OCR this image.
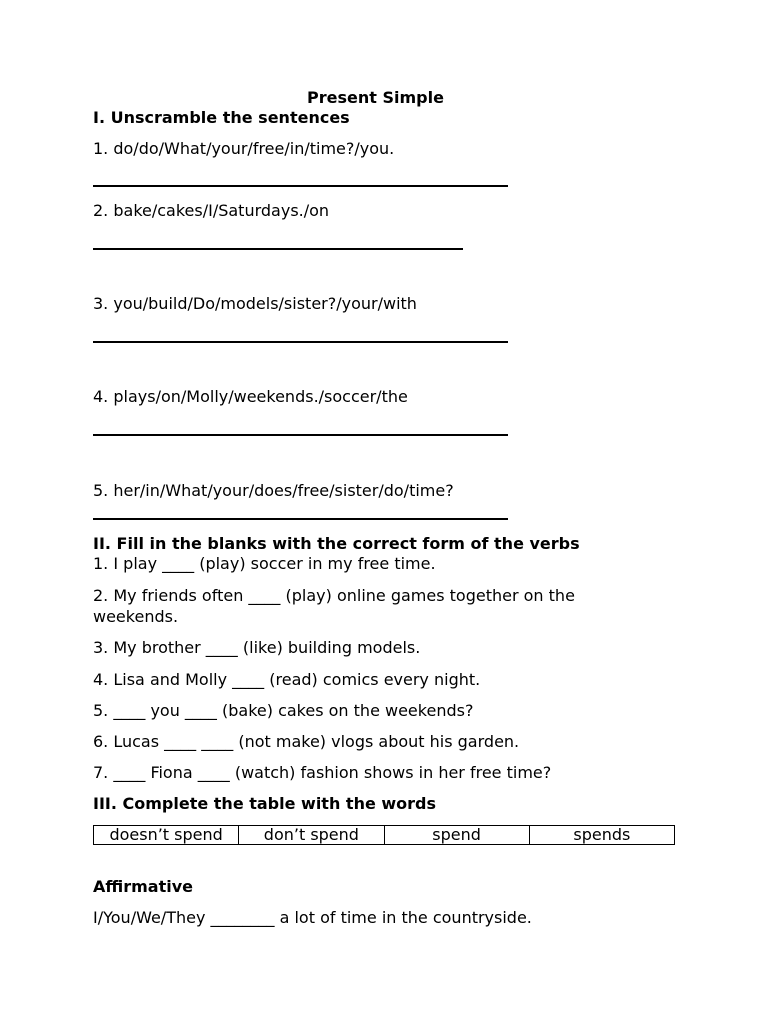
Present Simple
I. Unscramble the sentences
1. do/do/What/your/free/in/time?/you.
2. bake/cakes/I/Saturdays./on
3. you/build/Do/models/sister?/your/with
4. plays/on/Molly/weekends./soccer/the
5. her/in/What/your/does/free/sister/do/time?
II. Fill in the blanks with the correct form of the verbs
1. I play ____ (play) soccer in my free time.
2. My friends often ____ (play) online games together on the
weekends.
3. My brother ____ (like) building models.
4. Lisa and Molly ____ (read) comics every night.
5. ____ you ____ (bake) cakes on the weekends?
6. Lucas ____ ____ (not make) vlogs about his garden.
7. ____ Fiona ____ (watch) fashion shows in her free time?
III. Complete the table with the words
doesn’t spend	don’t spend	spend	spends
Affirmative
I/You/We/They ________ a lot of time in the countryside.
